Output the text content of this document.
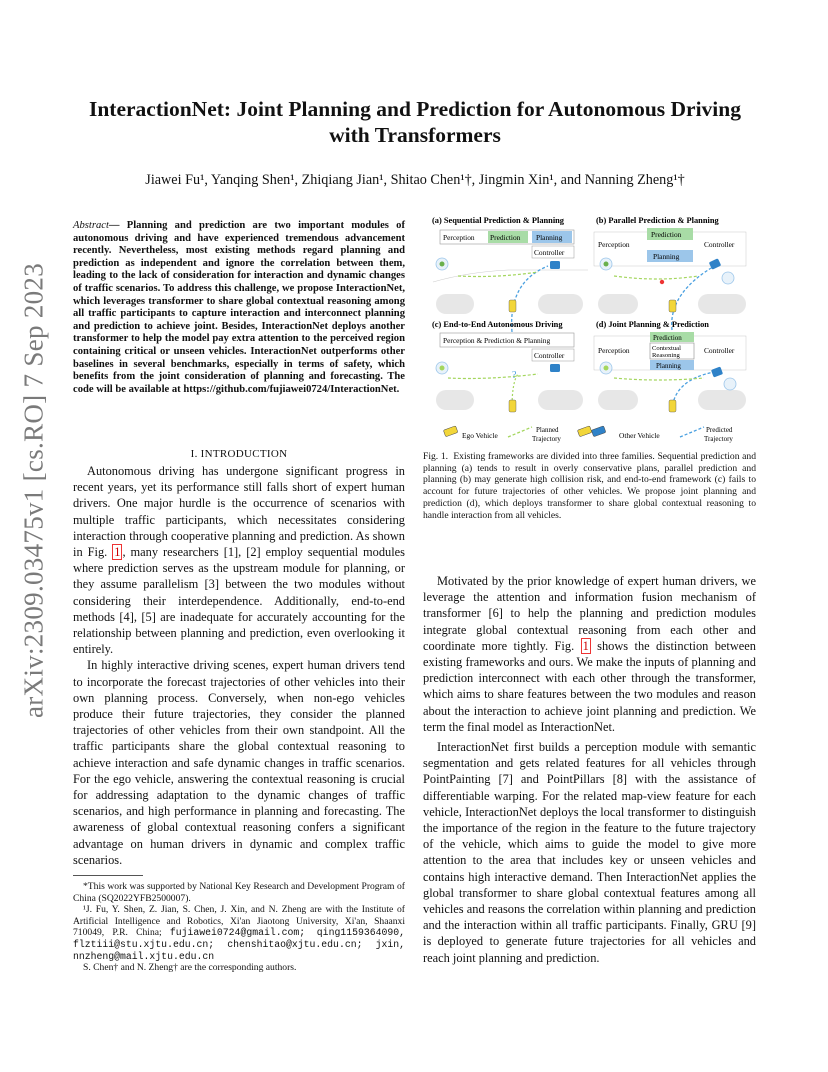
arXiv:2309.03475v1 [cs.RO] 7 Sep 2023
InteractionNet: Joint Planning and Prediction for Autonomous Driving
with Transformers
Jiawei Fu¹, Yanqing Shen¹, Zhiqiang Jian¹, Shitao Chen¹†, Jingmin Xin¹, and Nanning Zheng¹†
Abstract— Planning and prediction are two important modules of autonomous driving and have experienced tremendous advancement recently. Nevertheless, most existing methods regard planning and prediction as independent and ignore the correlation between them, leading to the lack of consideration for interaction and dynamic changes of traffic scenarios. To address this challenge, we propose InteractionNet, which leverages transformer to share global contextual reasoning among all traffic participants to capture interaction and interconnect planning and prediction to achieve joint. Besides, InteractionNet deploys another transformer to help the model pay extra attention to the perceived region containing critical or unseen vehicles. InteractionNet outperforms other baselines in several benchmarks, especially in terms of safety, which benefits from the joint consideration of planning and forecasting. The code will be available at https://github.com/fujiawei0724/InteractionNet.
I. INTRODUCTION

Autonomous driving has undergone significant progress in recent years, yet its performance still falls short of expert human drivers. One major hurdle is the occurrence of scenarios with multiple traffic participants, which necessitates considering interaction through cooperative planning and prediction. As shown in Fig. 1 , many researchers [1], [2] employ sequential modules where prediction serves as the upstream module for planning, or they assume parallelism [3] between the two modules without considering their interdependence. Additionally, end-to-end methods [4], [5] are inadequate for accurately accounting for the relationship between planning and prediction, even overlooking it entirely.

In highly interactive driving scenes, expert human drivers tend to incorporate the forecast trajectories of other vehicles into their own planning process. Conversely, when non-ego vehicles produce their future trajectories, they consider the planned trajectories of other vehicles from their own standpoint. All the traffic participants share the global contextual reasoning to achieve interaction and safe dynamic changes in traffic scenarios. For the ego vehicle, answering the contextual reasoning is crucial for addressing adaptation to the dynamic changes of traffic scenarios, and high performance in planning and forecasting. The awareness of global contextual reasoning confers a significant advantage on human drivers in dynamic and complex traffic scenarios.

*This work was supported by National Key Research and Development Program of China (SQ2022YFB2500007).

¹J. Fu, Y. Shen, Z. Jian, S. Chen, J. Xin, and N. Zheng are with the Institute of Artificial Intelligence and Robotics, Xi'an Jiaotong University, Xi'an, Shaanxi 710049, P.R. China; fujiawei0724@gmail.com; qing1159364090, flztiii@stu.xjtu.edu.cn; chenshitao@xjtu.edu.cn; jxin, nnzheng@mail.xjtu.edu.cn

S. Chen† and N. Zheng† are the corresponding authors.

(a) Sequential Prediction & Planning
Perception Prediction Planning
Controller
(b) Parallel Prediction & Planning
Perception
Prediction
Planning
Controller
(c) End-to-End Autonomous Driving
Perception & Prediction & Planning
Controller
?
(d) Joint Planning & Prediction
Perception
Prediction
Contextual
Reasoning
Planning
Controller
Ego Vehicle
Planned
Trajectory	Other Vehicle
Predicted
Trajectory
Fig. 1. Existing frameworks are divided into three families. Sequential prediction and planning (a) tends to result in overly conservative plans, parallel prediction and planning (b) may generate high collision risk, and end-to-end framework (c) fails to account for future trajectories of other vehicles. We propose joint planning and prediction (d), which deploys transformer to share global contextual reasoning to handle interaction from all vehicles.

Motivated by the prior knowledge of expert human drivers, we leverage the attention and information fusion mechanism of transformer [6] to help the planning and prediction modules integrate global contextual reasoning from each other and coordinate more tightly. Fig. 1 shows the distinction between existing frameworks and ours. We make the inputs of planning and prediction interconnect with each other through the transformer, which aims to share features between the two modules and reason about the interaction to achieve joint planning and prediction. We term the final model as InteractionNet.

InteractionNet first builds a perception module with semantic segmentation and gets related features for all vehicles through PointPainting [7] and PointPillars [8] with the assistance of differentiable warping. For the related map-view feature for each vehicle, InteractionNet deploys the local transformer to distinguish the importance of the region in the feature to the future trajectory of the vehicle, which aims to guide the model to give more attention to the area that includes key or unseen vehicles and contains high interactive demand. Then InteractionNet applies the global transformer to share global contextual features among all vehicles and reasons the correlation within planning and prediction and the interaction within all traffic participants. Finally, GRU [9] is deployed to generate future trajectories for all vehicles and reach joint planning and prediction.
